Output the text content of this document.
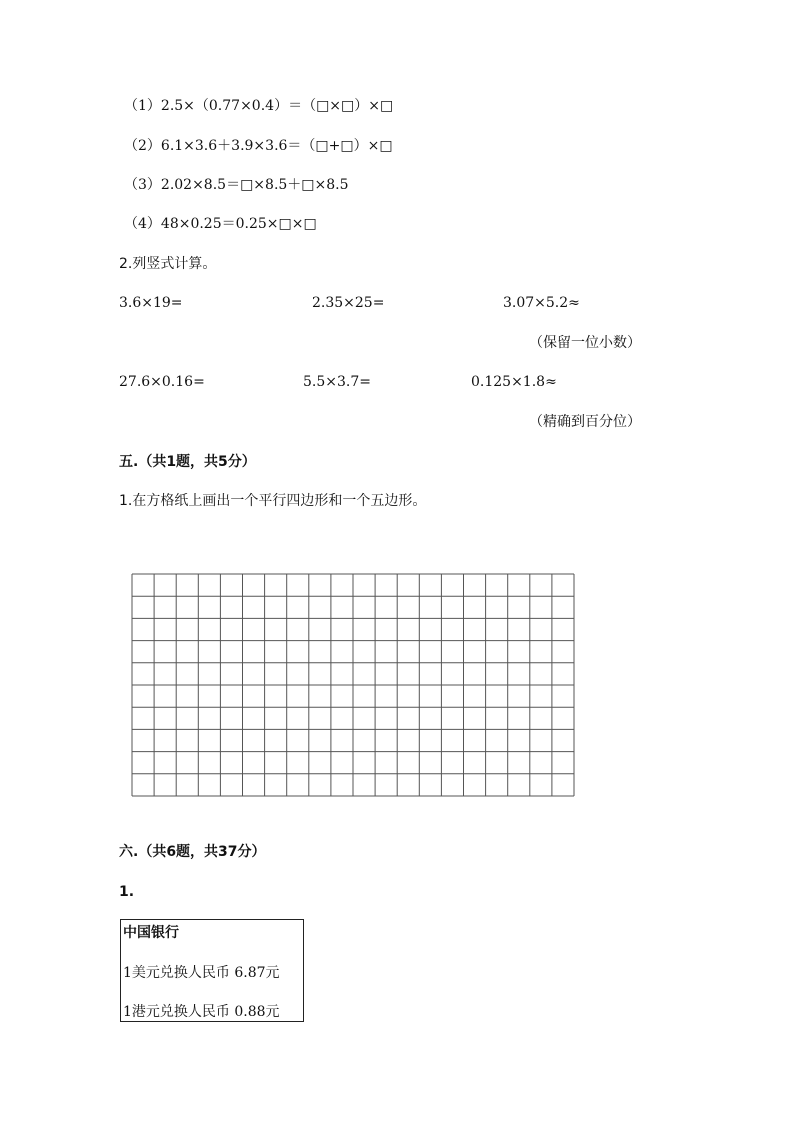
（1）2.5×（0.77×0.4）＝（□×□）×□
（2）6.1×3.6＋3.9×3.6＝（□+□）×□
（3）2.02×8.5＝□×8.5＋□×8.5
（4）48×0.25＝0.25×□×□
2.列竖式计算。
3.6×19=	2.35×25=	3.07×5.2≈
（保留一位小数）
27.6×0.16=	5.5×3.7=	0.125×1.8≈
（精确到百分位）
五.（共1题，共5分）
1.在方格纸上画出一个平行四边形和一个五边形。
六.（共6题，共37分）
1.
中国银行
1美元兑换人民币 6.87元
1港元兑换人民币 0.88元
